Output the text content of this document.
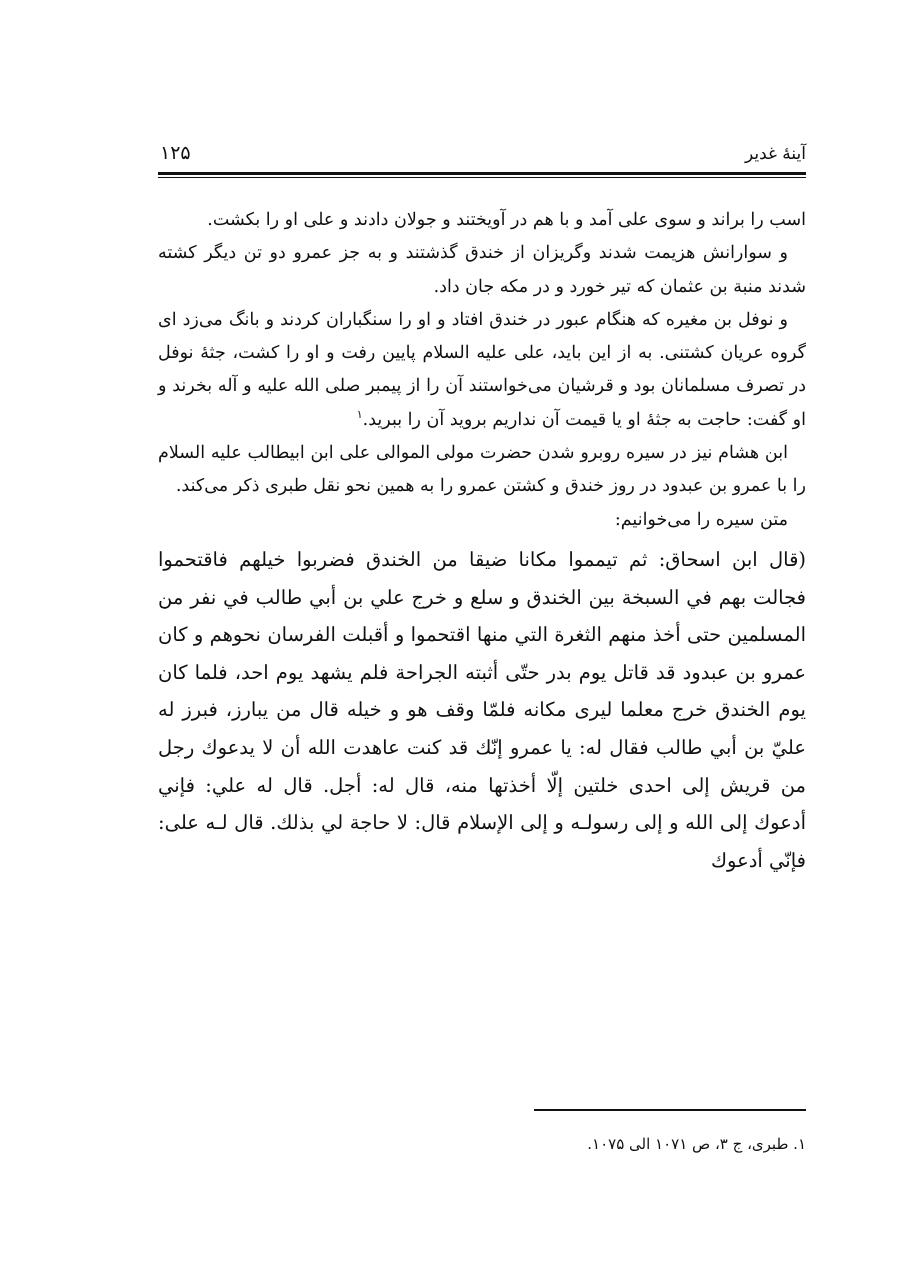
آینهٔ غدیر
۱۲۵

اسب را براند و سوی علی آمد و با هم در آویختند و جولان دادند و علی او را بکشت.

و سوارانش هزیمت شدند وگریزان از خندق گذشتند و به جز عمرو دو تن دیگر کشته شدند منبة بن عثمان که تیر خورد و در مکه جان داد.

و نوفل بن مغیره که هنگام عبور در خندق افتاد و او را سنگباران کردند و بانگ می‌زد ای گروه عریان کشتنی. به از این باید، علی علیه السلام پایین رفت و او را کشت، جثهٔ نوفل در تصرف مسلمانان بود و قرشیان می‌خواستند آن را از پیمبر صلی الله علیه و آله بخرند و او گفت: حاجت به جثهٔ او یا قیمت آن نداریم بروید آن را ببرید.$^۱$

ابن هشام نیز در سیره روبرو شدن حضرت مولی الموالی علی ابن ابیطالب علیه السلام را با عمرو بن عبدود در روز خندق و کشتن عمرو را به همین نحو نقل طبری ذکر می‌کند.

متن سیره را می‌خوانیم:

(قال ابن اسحاق: ثم تيمموا مكانا ضيقا من الخندق فضربوا خيلهم فاقتحموا فجالت بهم في السبخة بين الخندق و سلع و خرج علي بن أبي طالب في نفر من المسلمين حتى أخذ منهم الثغرة التي منها اقتحموا و أقبلت الفرسان نحوهم و كان عمرو بن عبدود قد قاتل يوم بدر حتّى أثبته الجراحة فلم يشهد يوم احد، فلما كان يوم الخندق خرج معلما ليرى مكانه فلمّا وقف هو و خيله قال من يبارز، فبرز له عليّ بن أبي طالب فقال له: يا عمرو إنّك قد كنت عاهدت الله أن لا يدعوك رجل من قريش إلى احدى خلتين إلّا أخذتها منه، قال له: أجل. قال له علي: فإني أدعوك إلى الله و إلى رسولـه و إلى الإسلام قال: لا حاجة لي بذلك. قال لـه على: فإنّي أدعوك

۱. طبری، ج ۳، ص ۱۰۷۱ الی ۱۰۷۵.
